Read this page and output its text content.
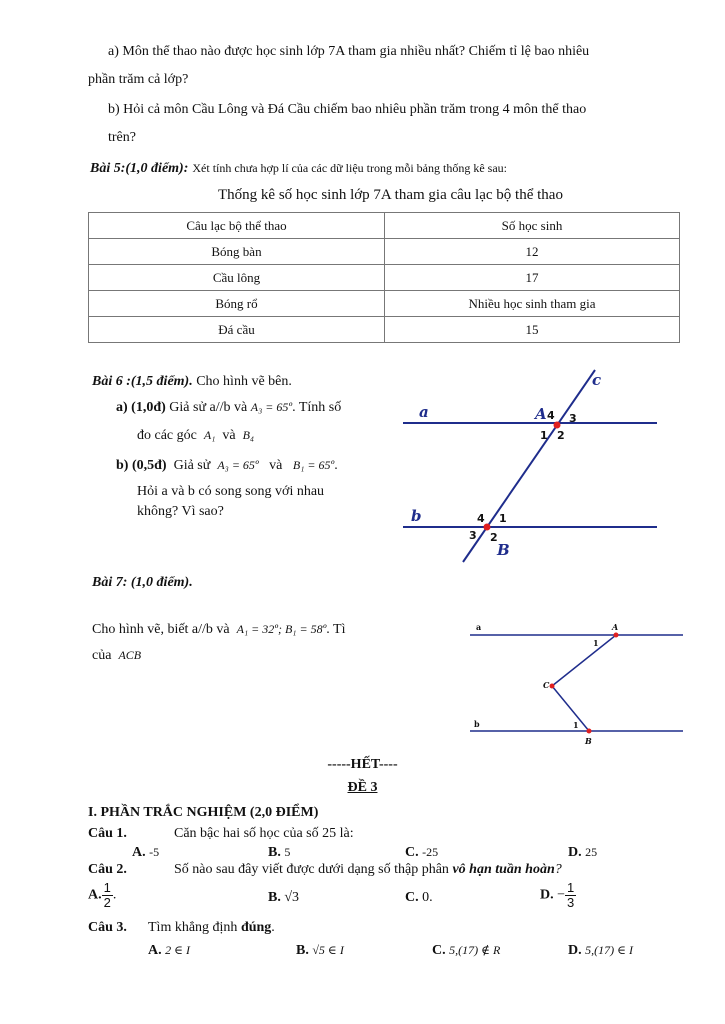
a) Môn thể thao nào được học sinh lớp 7A tham gia nhiều nhất? Chiếm tỉ lệ bao nhiêu
phần trăm cả lớp?
b) Hỏi cả môn Cầu Lông và Đá Cầu chiếm bao nhiêu phần trăm trong 4 môn thể thao
trên?
Bài 5:(1,0 điểm): Xét tính chưa hợp lí của các dữ liệu trong mỗi bảng thống kê sau:
Thống kê số học sinh lớp 7A tham gia câu lạc bộ thể thao
Câu lạc bộ thể thao	Số học sinh
Bóng bàn	12
Cầu lông	17
Bóng rổ	Nhiều học sinh tham gia
Đá cầu	15
Bài 6 :(1,5 điểm). Cho hình vẽ bên.
a) (1,0đ) Giả sử a//b và A₃ = 65º. Tính số
đo các góc A₁ và B₄
b) (0,5đ) Giả sử A₃ = 65º và B₁ = 65º.
Hỏi a và b có song song với nhau
không? Vì sao?
c
a
b
A
B
4 3
1 2
4 1
3 2
Bài 7: (1,0 điểm).
Cho hình vẽ, biết a//b và A₁ = 32º; B₁ = 58º. Tì
của ACB
a	A
1
C
b	1
B
-----HẾT----
ĐỀ 3
I. PHẦN TRẮC NGHIỆM (2,0 ĐIỂM)
Câu 1.	Căn bậc hai số học của số 25 là:
A. -5	B. 5	C. -25	D. 25
Câu 2.	Số nào sau đây viết được dưới dạng số thập phân vô hạn tuần hoàn?
A. $\frac{1}{2}$ .	B. √3	C. 0.	D. − $\frac{1}{3}$
Câu 3. Tìm khẳng định đúng.
A. 2 ∈ I	B. √5 ∈ I	C. 5,(17) ∉ R	D. 5,(17) ∈ I
